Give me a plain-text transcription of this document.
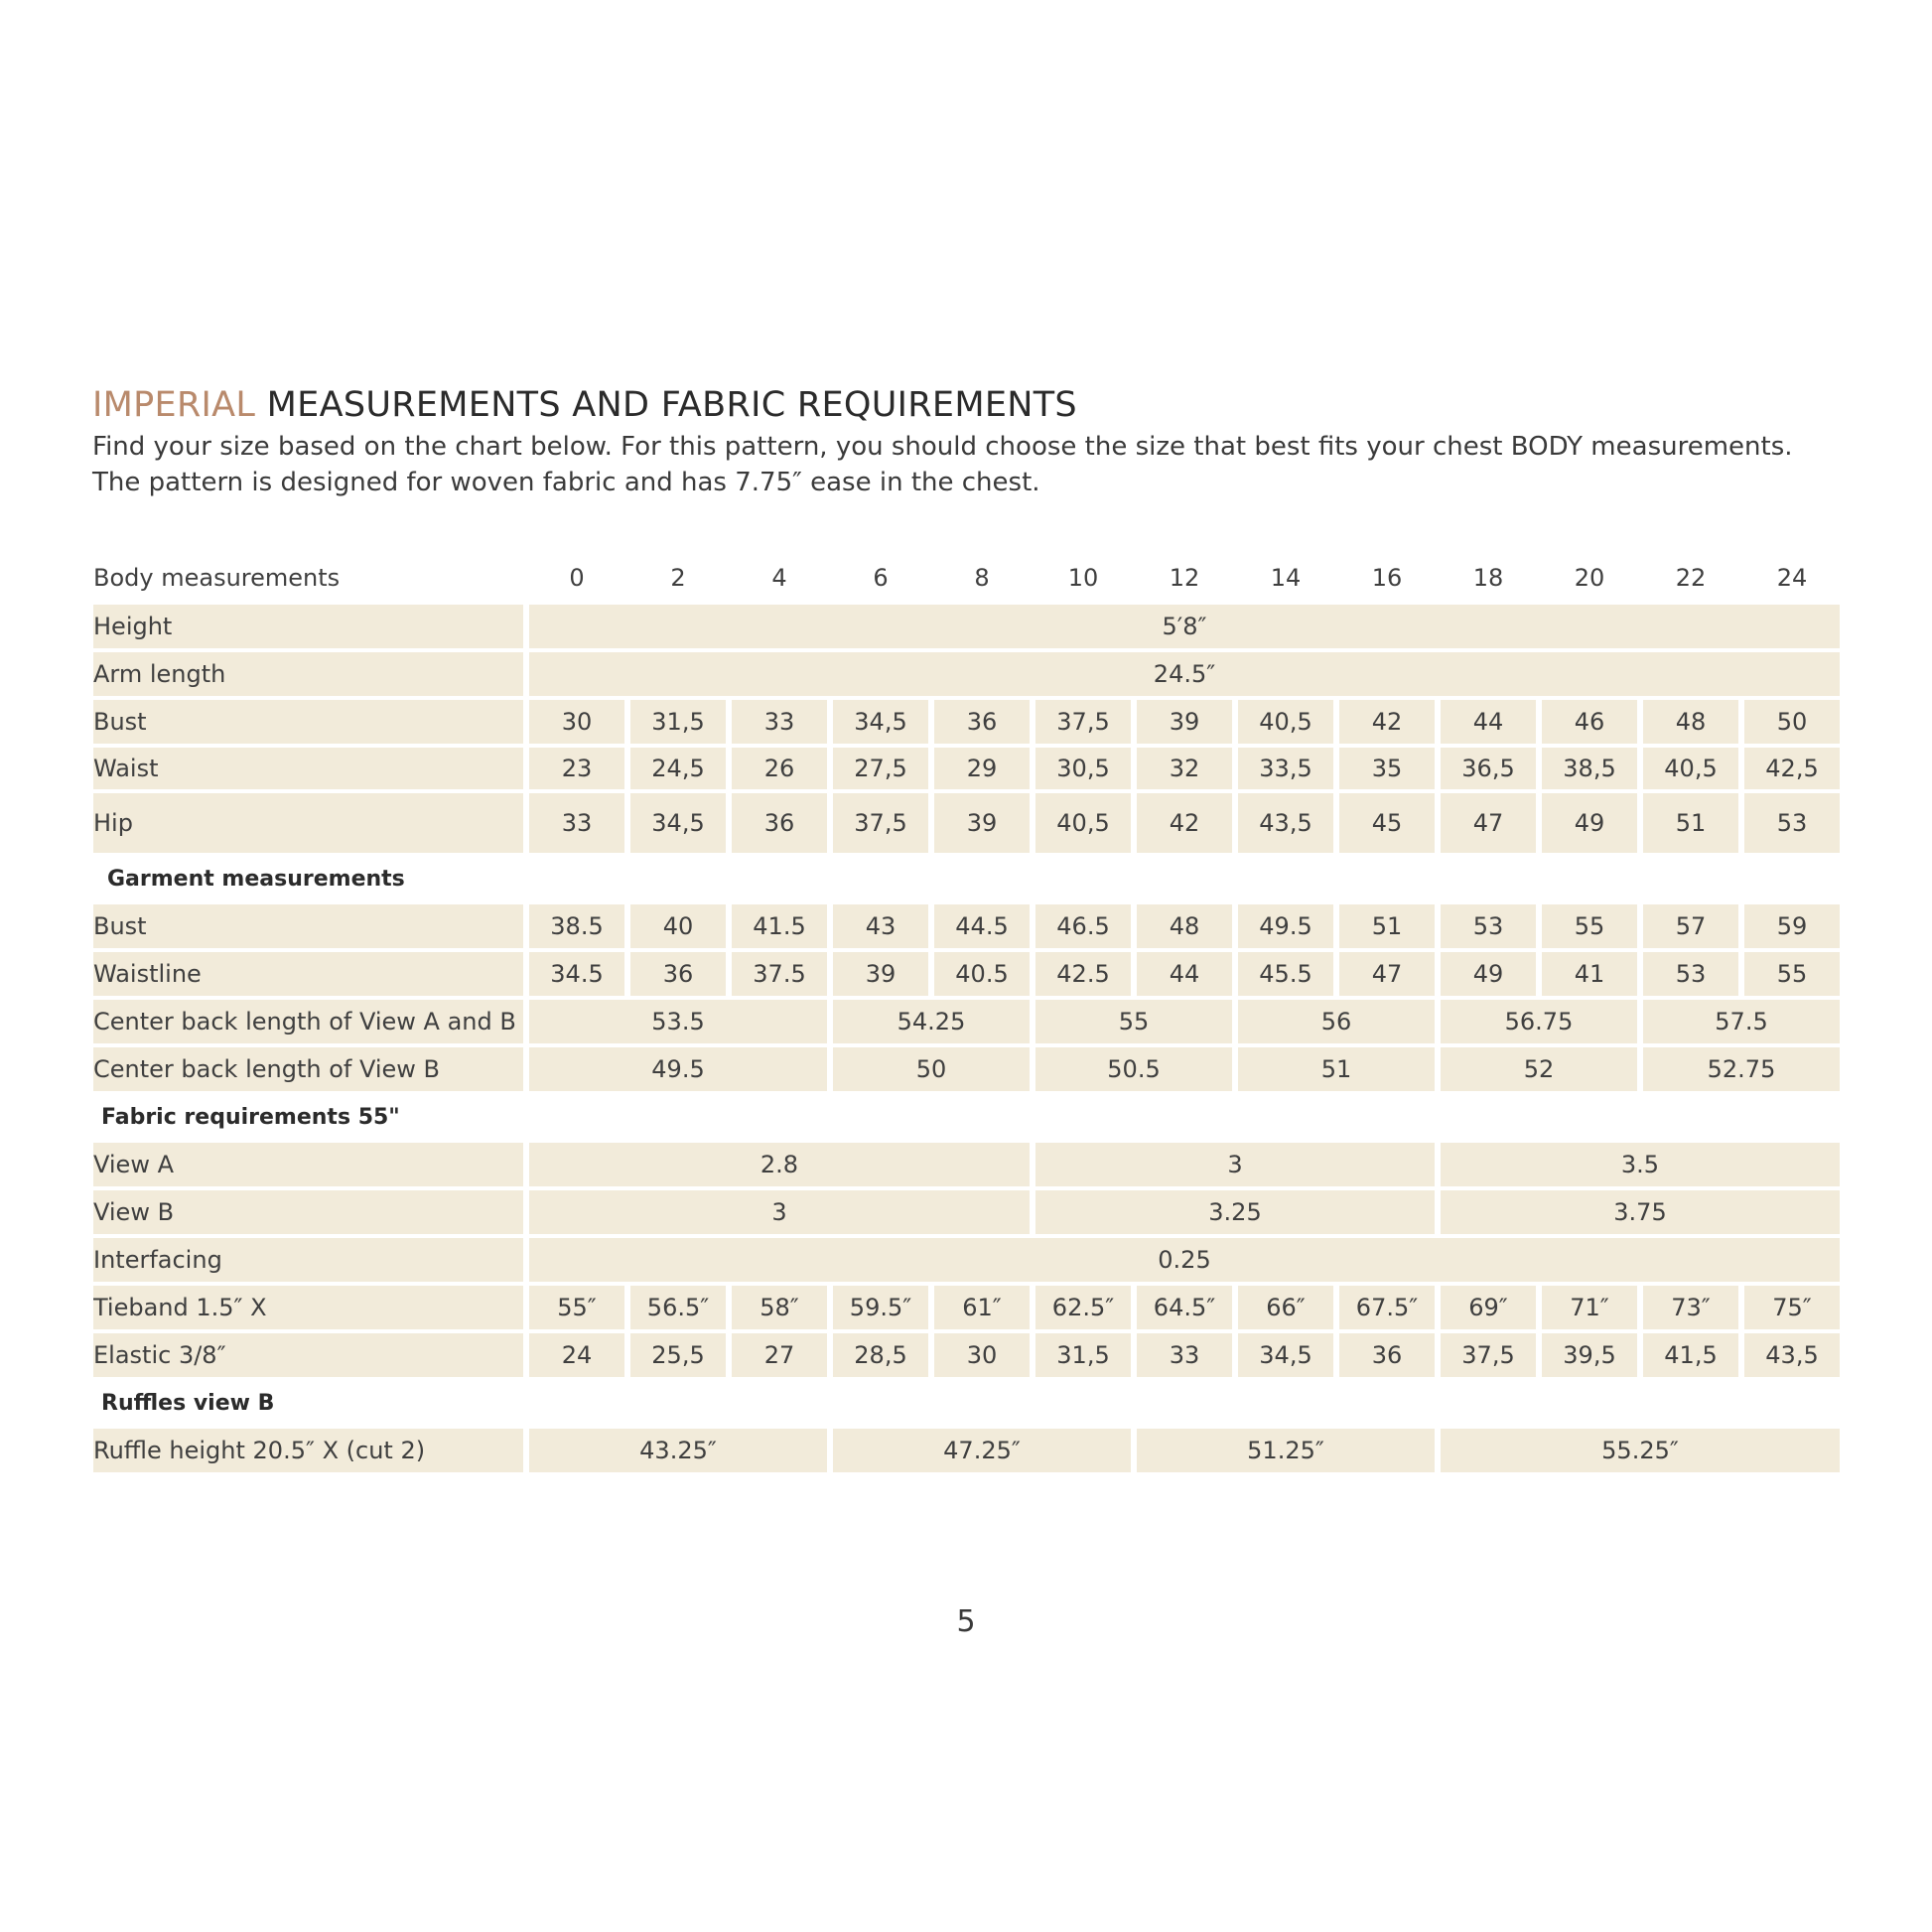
IMPERIAL MEASUREMENTS AND FABRIC REQUIREMENTS

Find your size based on the chart below. For this pattern, you should choose the size that best fits your chest BODY measurements.
The pattern is designed for woven fabric and has 7.75″ ease in the chest.

Body measurements	0	2	4	6	8	10	12	14	16	18	20	22	24
Height	5′8″												
Arm length	24.5″												
Bust	30	31,5	33	34,5	36	37,5	39	40,5	42	44	46	48	50
Waist	23	24,5	26	27,5	29	30,5	32	33,5	35	36,5	38,5	40,5	42,5
Hip	33	34,5	36	37,5	39	40,5	42	43,5	45	47	49	51	53
Garment measurements													
Bust	38.5	40	41.5	43	44.5	46.5	48	49.5	51	53	55	57	59
Waistline	34.5	36	37.5	39	40.5	42.5	44	45.5	47	49	41	53	55
Center back length of View A and B	53.5			54.25		55		56		56.75		57.5	
Center back length of View B	49.5			50		50.5		51		52		52.75	
Fabric requirements 55"													
View A	2.8					3				3.5			
View B	3					3.25				3.75			
Interfacing	0.25												
Tieband 1.5″ X	55″	56.5″	58″	59.5″	61″	62.5″	64.5″	66″	67.5″	69″	71″	73″	75″
Elastic 3/8″	24	25,5	27	28,5	30	31,5	33	34,5	36	37,5	39,5	41,5	43,5
Ruffles view B													
Ruffle height 20.5″ X (cut 2)	43.25″			47.25″			51.25″			55.25″			
5
